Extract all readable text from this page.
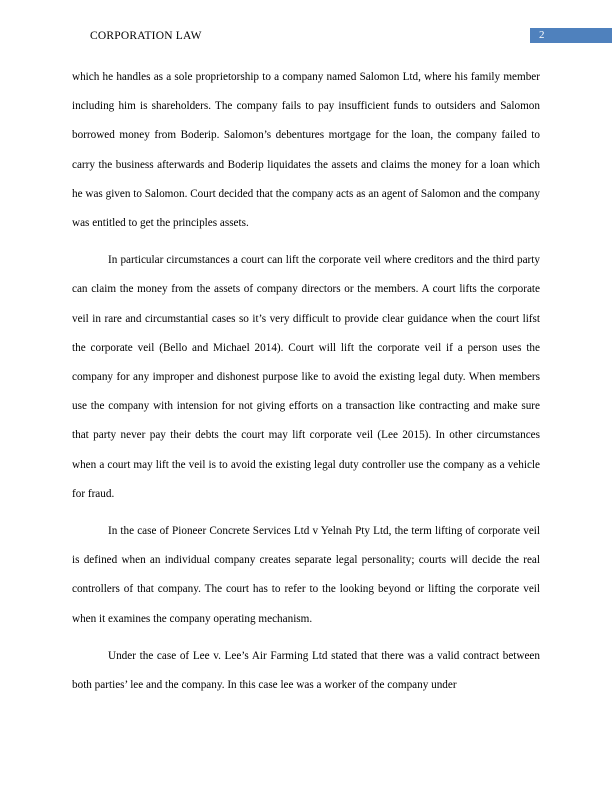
CORPORATION LAW	2

which he handles as a sole proprietorship to a company named Salomon Ltd, where his family member including him is shareholders. The company fails to pay insufficient funds to outsiders and Salomon borrowed money from Boderip. Salomon’s debentures mortgage for the loan, the company failed to carry the business afterwards and Boderip liquidates the assets and claims the money for a loan which he was given to Salomon. Court decided that the company acts as an agent of Salomon and the company was entitled to get the principles assets.

In particular circumstances a court can lift the corporate veil where creditors and the third party can claim the money from the assets of company directors or the members. A court lifts the corporate veil in rare and circumstantial cases so it’s very difficult to provide clear guidance when the court lifst the corporate veil (Bello and Michael 2014). Court will lift the corporate veil if a person uses the company for any improper and dishonest purpose like to avoid the existing legal duty. When members use the company with intension for not giving efforts on a transaction like contracting and make sure that party never pay their debts the court may lift corporate veil (Lee 2015). In other circumstances when a court may lift the veil is to avoid the existing legal duty controller use the company as a vehicle for fraud.

In the case of Pioneer Concrete Services Ltd v Yelnah Pty Ltd, the term lifting of corporate veil is defined when an individual company creates separate legal personality; courts will decide the real controllers of that company. The court has to refer to the looking beyond or lifting the corporate veil when it examines the company operating mechanism.

Under the case of Lee v. Lee’s Air Farming Ltd stated that there was a valid contract between both parties’ lee and the company. In this case lee was a worker of the company under
